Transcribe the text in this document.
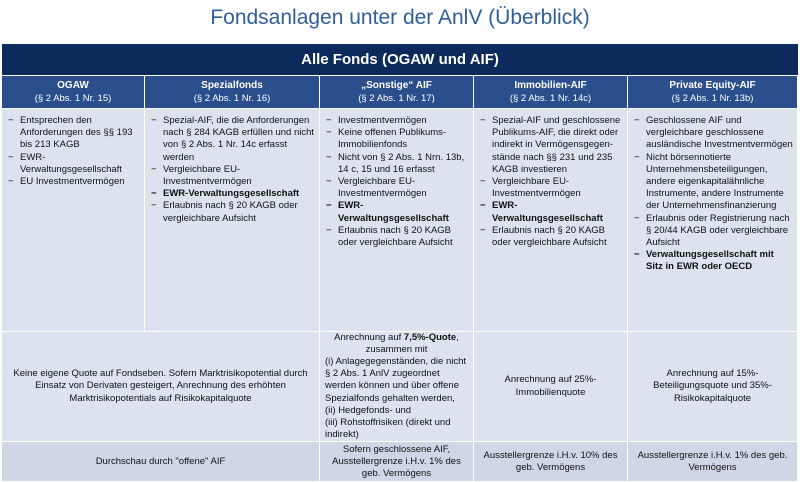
Fondsanlagen unter der AnlV (Überblick)
Alle Fonds (OGAW und AIF)
OGAW
(§ 2 Abs. 1 Nr. 15)
Spezialfonds
(§ 2 Abs. 1 Nr. 16)
„Sonstige“ AIF
(§ 2 Abs. 1 Nr. 17)
Immobilien-AIF
(§ 2 Abs. 1 Nr. 14c)
Private Equity-AIF
(§ 2 Abs. 1 Nr. 13b)
− Entsprechen den Anforderungen des §§ 193 bis 213 KAGB
− EWR-Verwaltungsgesellschaft
− EU Investmentvermögen
− Spezial-AIF, die die Anforderungen nach § 284 KAGB erfüllen und nicht von § 2 Abs. 1 Nr. 14c erfasst werden
− Vergleichbare EU-Investmentvermögen
− EWR-Verwaltungsgesellschaft
− Erlaubnis nach § 20 KAGB oder vergleichbare Aufsicht
− Investmentvermögen
− Keine offenen Publikums-Immobilienfonds
− Nicht von § 2 Abs. 1 Nrn. 13b, 14 c, 15 und 16 erfasst
− Vergleichbare EU-Investmentvermögen
− EWR-Verwaltungsgesellschaft
− Erlaubnis nach § 20 KAGB oder vergleichbare Aufsicht
− Spezial-AIF und geschlossene Publikums-AIF, die direkt oder indirekt in Vermögensgegen-stände nach §§ 231 und 235 KAGB investieren
− Vergleichbare EU-Investmentvermögen
− EWR-Verwaltungsgesellschaft
− Erlaubnis nach § 20 KAGB oder vergleichbare Aufsicht
− Geschlossene AIF und vergleichbare geschlossene ausländische Investmentvermögen
− Nicht börsennotierte Unternehmensbeteiligungen, andere eigenkapitalähnliche Instrumente, andere Instrumente der Unternehmensfinanzierung
− Erlaubnis oder Registrierung nach § 20/44 KAGB oder vergleichbare Aufsicht
− Verwaltungsgesellschaft mit Sitz in EWR oder OECD
Keine eigene Quote auf Fondseben. Sofern Marktrisikopotential durch Einsatz von Derivaten gesteigert, Anrechnung des erhöhten Marktrisikopotentials auf Risikokapitalquote
Anrechnung auf 7,5%-Quote, zusammen mit
(i) Anlagegegenständen, die nicht § 2 Abs. 1 AnlV zugeordnet werden können und über offene Spezialfonds gehalten werden,
(ii) Hedgefonds- und
(iii) Rohstoffrisiken (direkt und indirekt)
Anrechnung auf 25%-Immobilienquote
Anrechnung auf 15%-Beteiligungsquote und 35%-Risikokapitalquote
Durchschau durch "offene" AIF
Sofern geschlossene AIF, Ausstellergrenze i.H.v. 1% des geb. Vermögens
Ausstellergrenze i.H.v. 10% des geb. Vermögens
Ausstellergrenze i.H.v. 1% des geb. Vermögens
